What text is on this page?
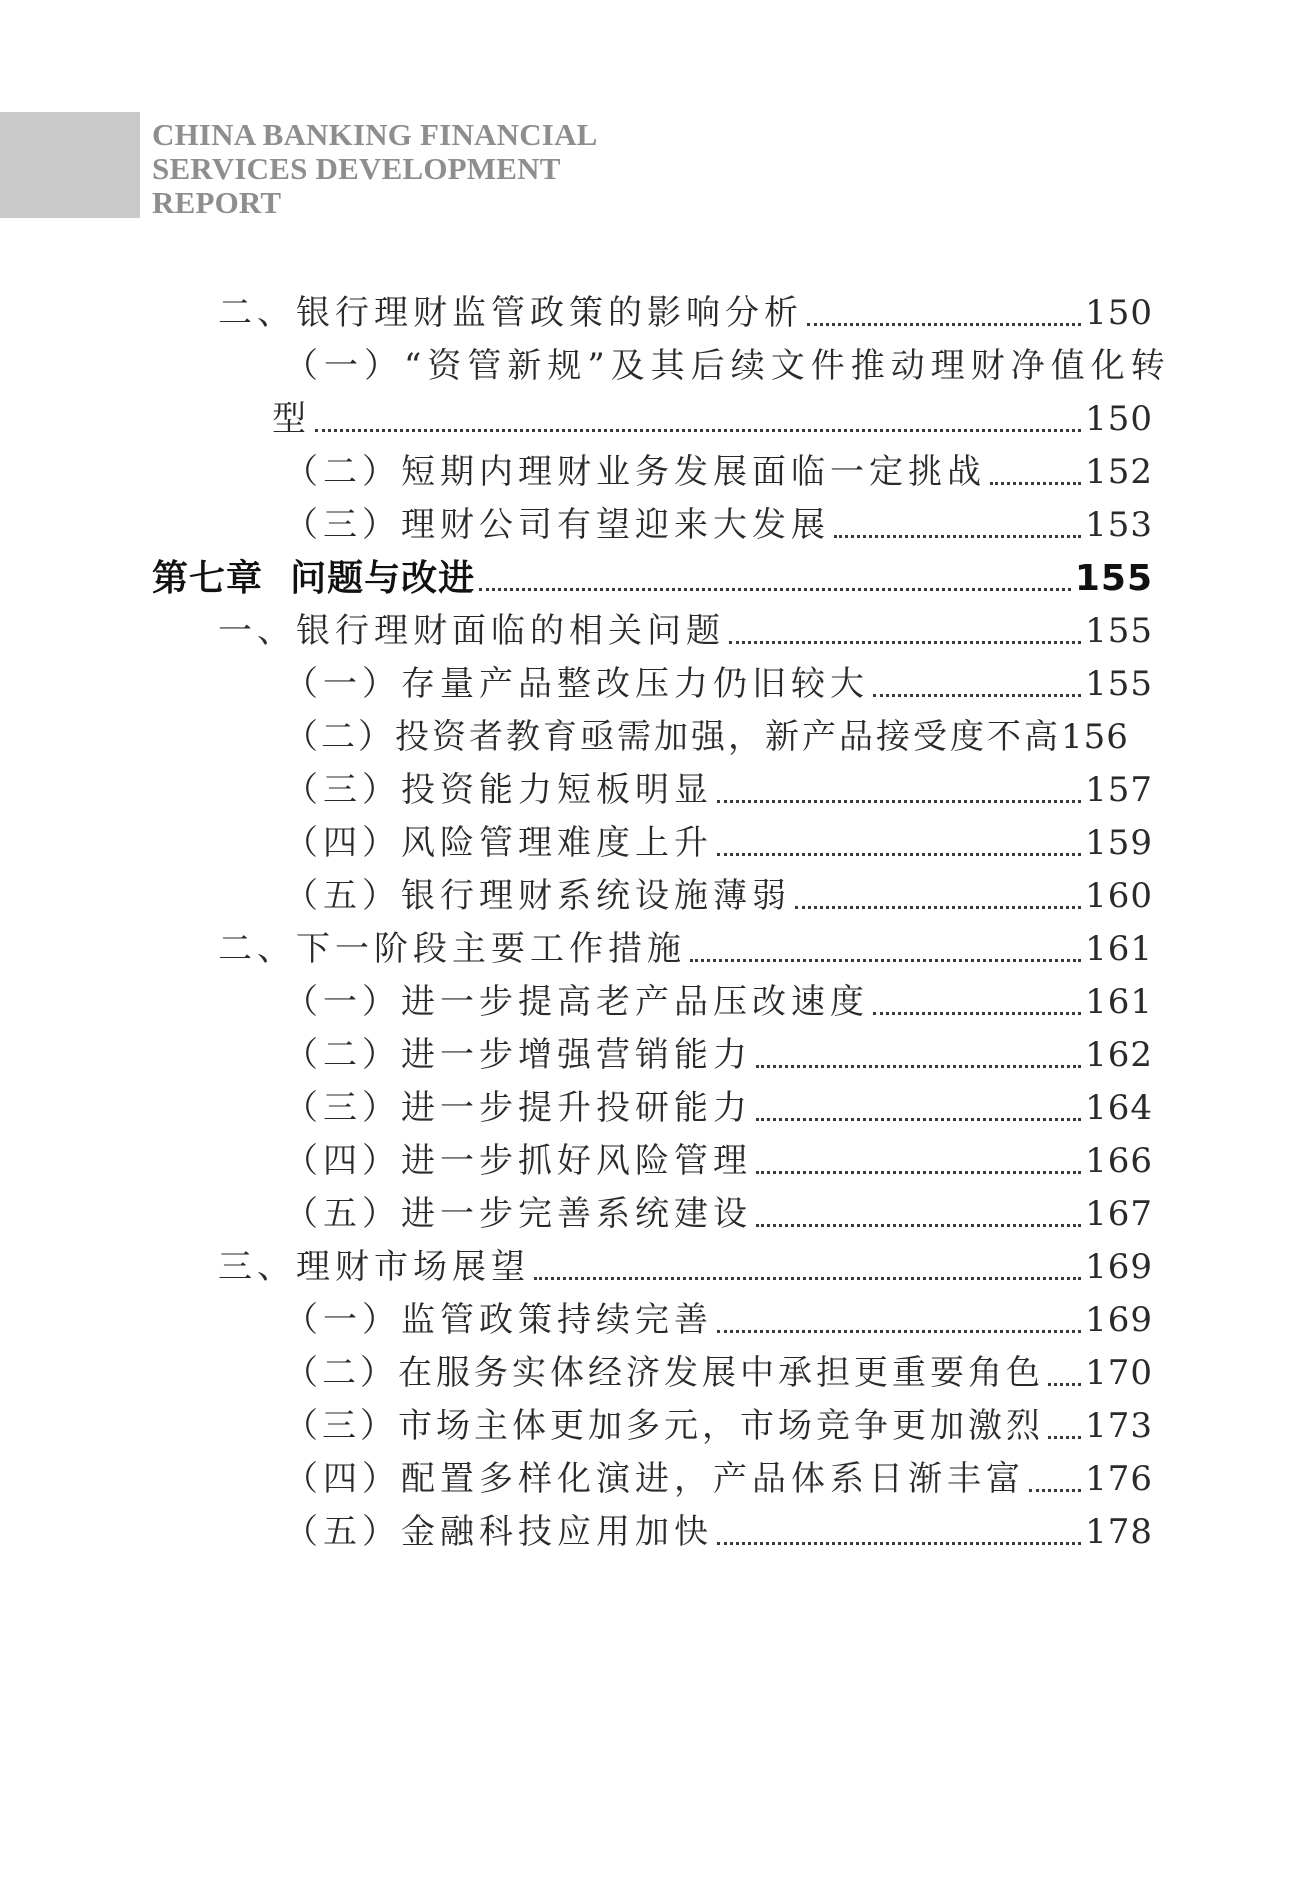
CHINA BANKING FINANCIAL
SERVICES DEVELOPMENT
REPORT
二、银行理财监管政策的影响分析	150
（一）“资管新规”及其后续文件推动理财净值化转
型	150
（二）短期内理财业务发展面临一定挑战	152
（三）理财公司有望迎来大发展	153
第七章  问题与改进	155
一、银行理财面临的相关问题	155
（一）存量产品整改压力仍旧较大	155
（二）投资者教育亟需加强，新产品接受度不高 156
（三）投资能力短板明显	157
（四）风险管理难度上升	159
（五）银行理财系统设施薄弱	160
二、下一阶段主要工作措施	161
（一）进一步提高老产品压改速度	161
（二）进一步增强营销能力	162
（三）进一步提升投研能力	164
（四）进一步抓好风险管理	166
（五）进一步完善系统建设	167
三、理财市场展望	169
（一）监管政策持续完善	169
（二）在服务实体经济发展中承担更重要角色 170
（三）市场主体更加多元，市场竞争更加激烈 173
（四）配置多样化演进，产品体系日渐丰富 176
（五）金融科技应用加快	178
